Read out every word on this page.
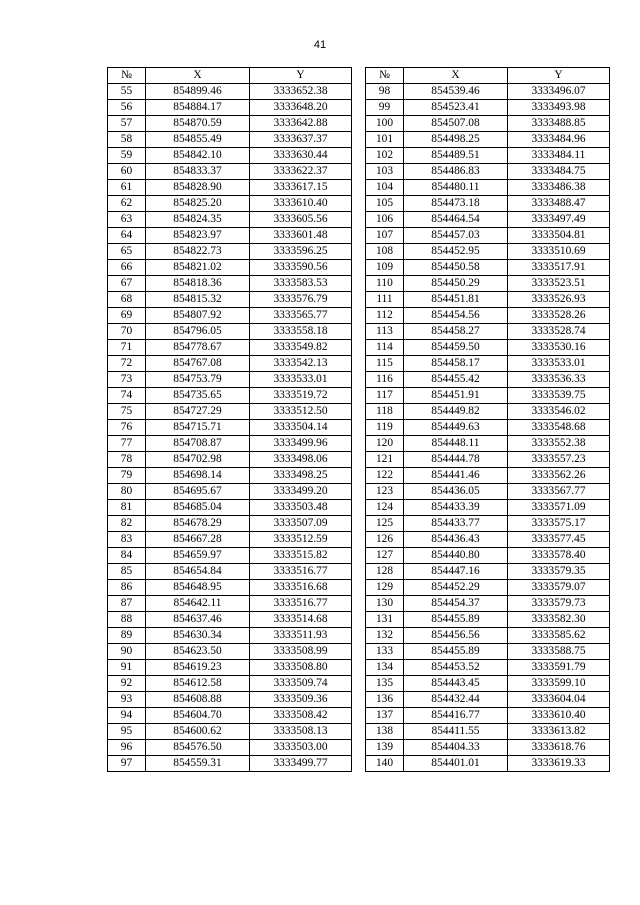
41
№	X	Y		№	X	Y
55	854899.46	3333652.38		98	854539.46	3333496.07
56	854884.17	3333648.20		99	854523.41	3333493.98
57	854870.59	3333642.88		100	854507.08	3333488.85
58	854855.49	3333637.37		101	854498.25	3333484.96
59	854842.10	3333630.44		102	854489.51	3333484.11
60	854833.37	3333622.37		103	854486.83	3333484.75
61	854828.90	3333617.15		104	854480.11	3333486.38
62	854825.20	3333610.40		105	854473.18	3333488.47
63	854824.35	3333605.56		106	854464.54	3333497.49
64	854823.97	3333601.48		107	854457.03	3333504.81
65	854822.73	3333596.25		108	854452.95	3333510.69
66	854821.02	3333590.56		109	854450.58	3333517.91
67	854818.36	3333583.53		110	854450.29	3333523.51
68	854815.32	3333576.79		111	854451.81	3333526.93
69	854807.92	3333565.77		112	854454.56	3333528.26
70	854796.05	3333558.18		113	854458.27	3333528.74
71	854778.67	3333549.82		114	854459.50	3333530.16
72	854767.08	3333542.13		115	854458.17	3333533.01
73	854753.79	3333533.01		116	854455.42	3333536.33
74	854735.65	3333519.72		117	854451.91	3333539.75
75	854727.29	3333512.50		118	854449.82	3333546.02
76	854715.71	3333504.14		119	854449.63	3333548.68
77	854708.87	3333499.96		120	854448.11	3333552.38
78	854702.98	3333498.06		121	854444.78	3333557.23
79	854698.14	3333498.25		122	854441.46	3333562.26
80	854695.67	3333499.20		123	854436.05	3333567.77
81	854685.04	3333503.48		124	854433.39	3333571.09
82	854678.29	3333507.09		125	854433.77	3333575.17
83	854667.28	3333512.59		126	854436.43	3333577.45
84	854659.97	3333515.82		127	854440.80	3333578.40
85	854654.84	3333516.77		128	854447.16	3333579.35
86	854648.95	3333516.68		129	854452.29	3333579.07
87	854642.11	3333516.77		130	854454.37	3333579.73
88	854637.46	3333514.68		131	854455.89	3333582.30
89	854630.34	3333511.93		132	854456.56	3333585.62
90	854623.50	3333508.99		133	854455.89	3333588.75
91	854619.23	3333508.80		134	854453.52	3333591.79
92	854612.58	3333509.74		135	854443.45	3333599.10
93	854608.88	3333509.36		136	854432.44	3333604.04
94	854604.70	3333508.42		137	854416.77	3333610.40
95	854600.62	3333508.13		138	854411.55	3333613.82
96	854576.50	3333503.00		139	854404.33	3333618.76
97	854559.31	3333499.77		140	854401.01	3333619.33
